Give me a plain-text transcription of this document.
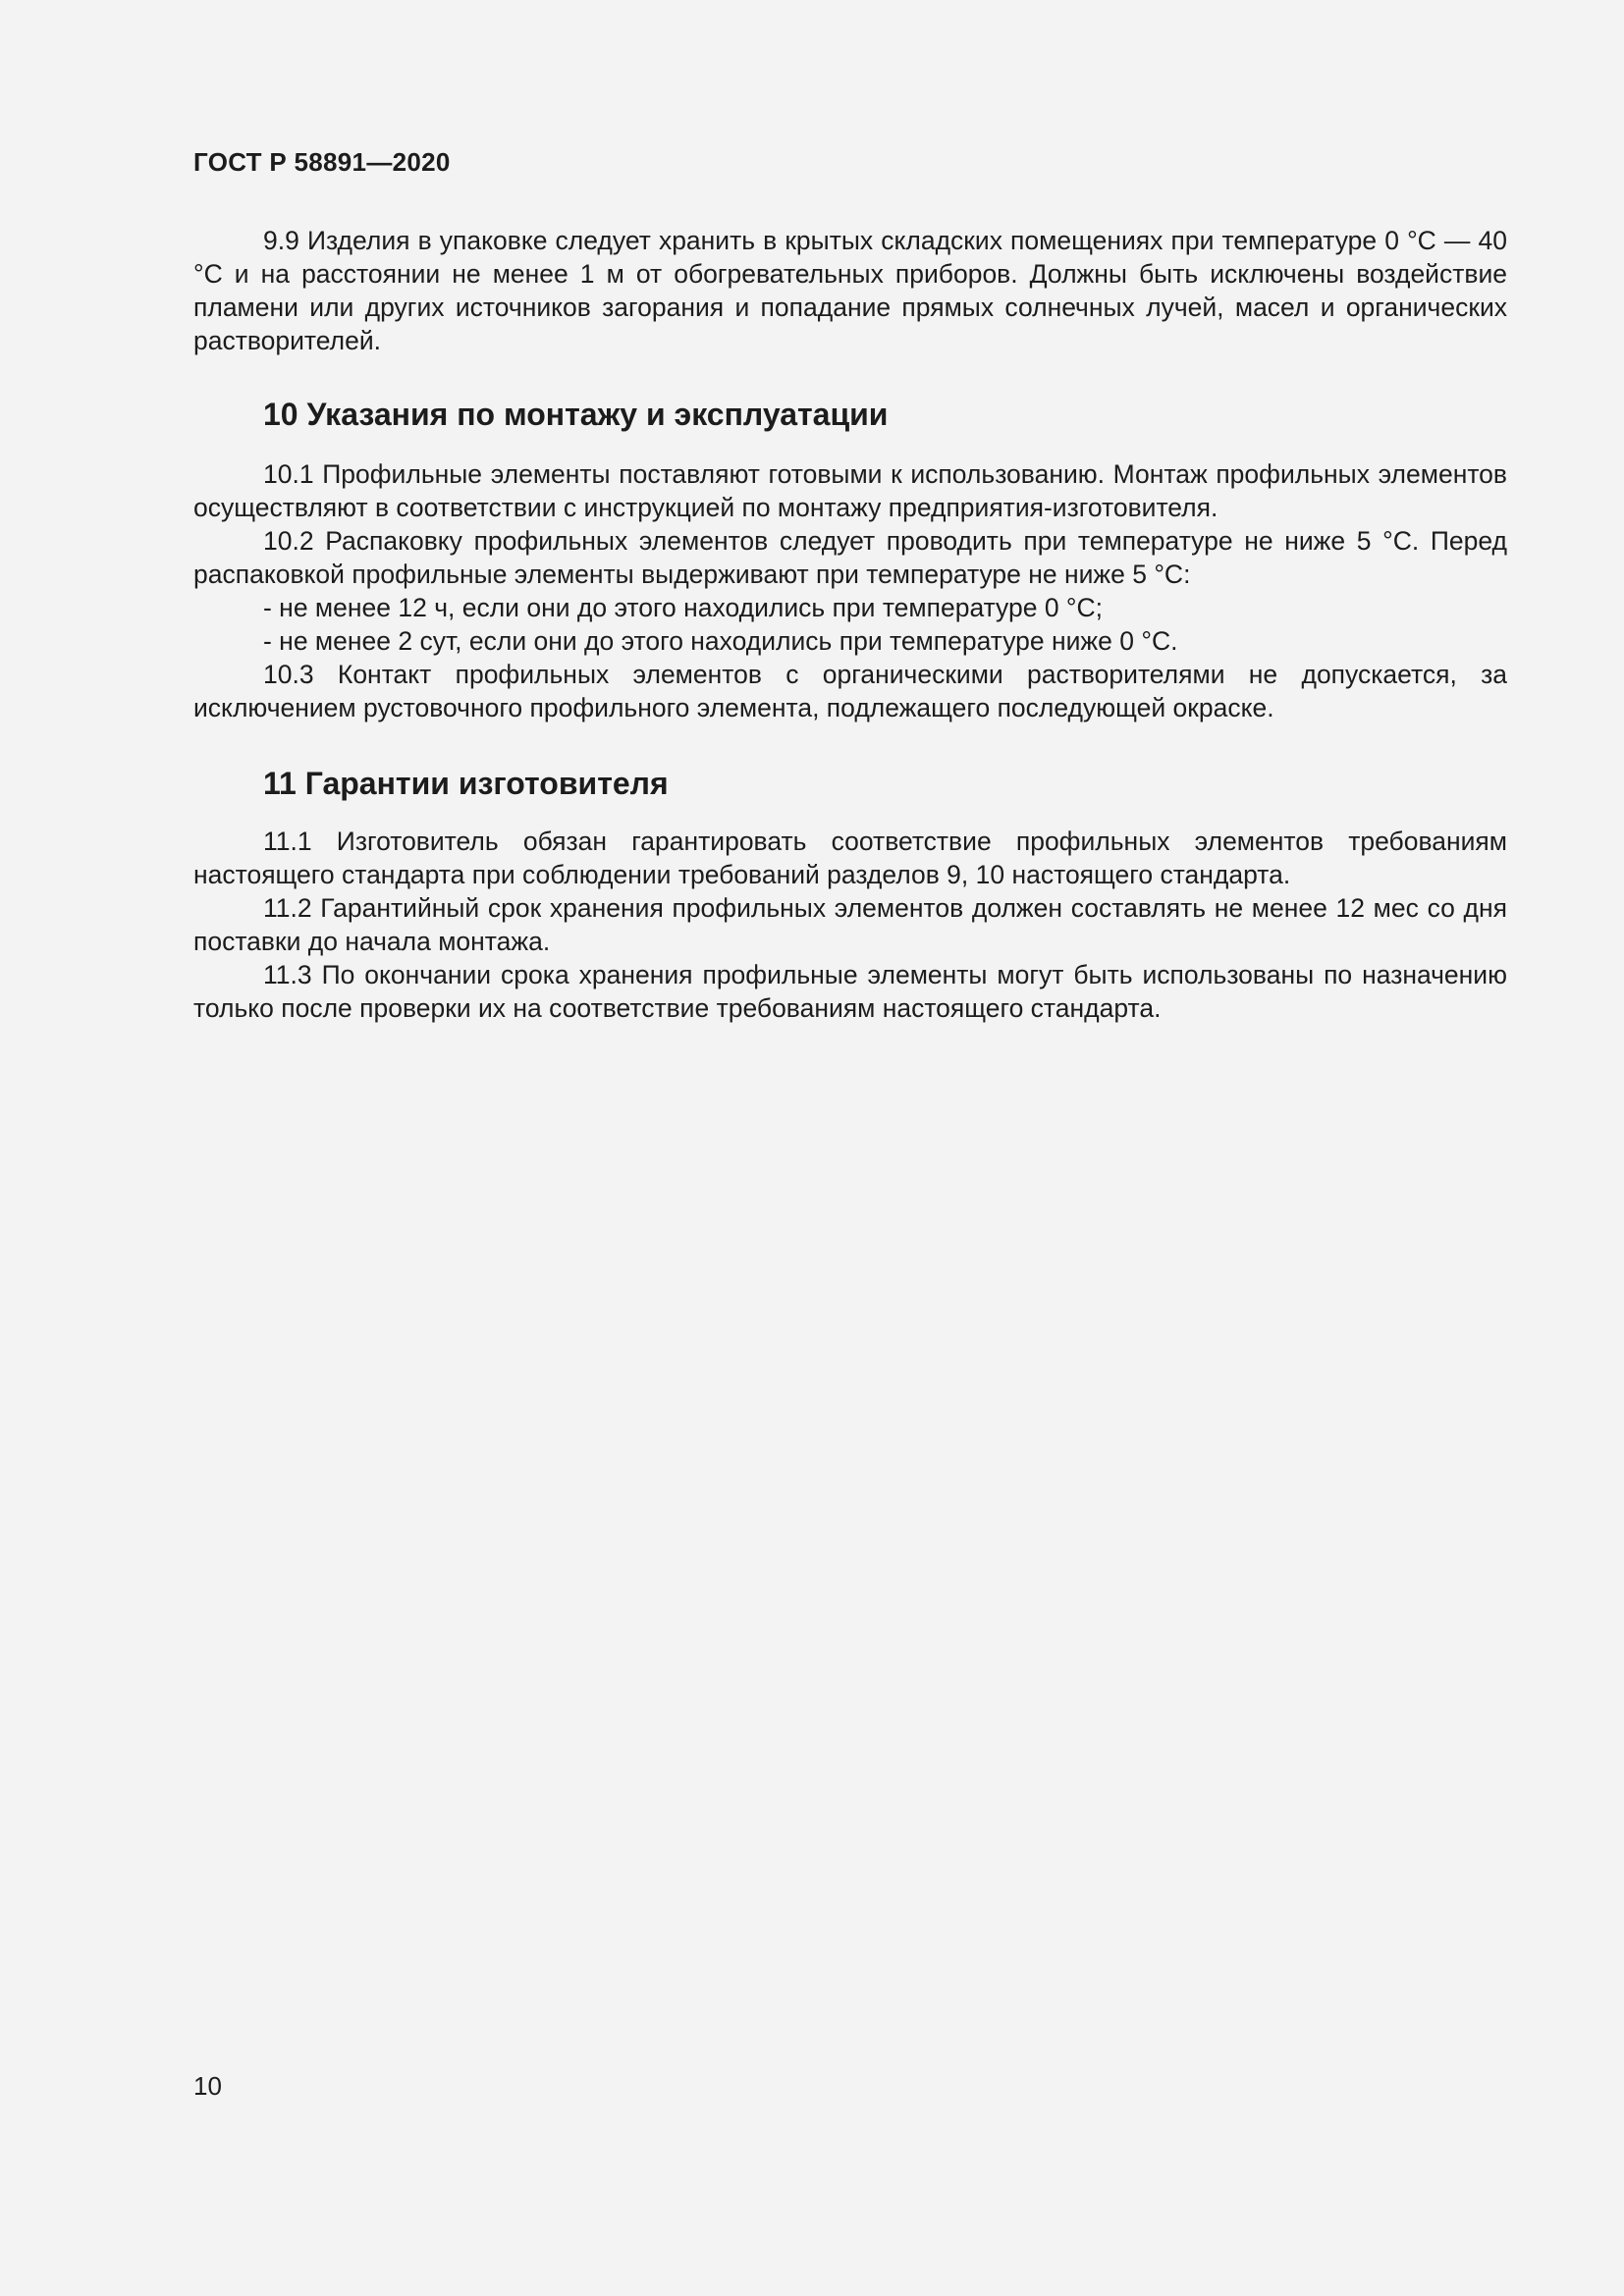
ГОСТ Р 58891—2020

9.9 Изделия в упаковке следует хранить в крытых складских помещениях при температуре 0 °С — 40 °С и на расстоянии не менее 1 м от обогревательных приборов. Должны быть исключены воздействие пламени или других источников загорания и попадание прямых солнечных лучей, масел и органических растворителей.

10 Указания по монтажу и эксплуатации

10.1 Профильные элементы поставляют готовыми к использованию. Монтаж профильных элементов осуществляют в соответствии с инструкцией по монтажу предприятия-изготовителя.

10.2 Распаковку профильных элементов следует проводить при температуре не ниже 5 °С. Перед распаковкой профильные элементы выдерживают при температуре не ниже 5 °С:

- не менее 12 ч, если они до этого находились при температуре 0 °С;

- не менее 2 сут, если они до этого находились при температуре ниже 0 °С.

10.3 Контакт профильных элементов с органическими растворителями не допускается, за исключением рустовочного профильного элемента, подлежащего последующей окраске.

11 Гарантии изготовителя

11.1 Изготовитель обязан гарантировать соответствие профильных элементов требованиям настоящего стандарта при соблюдении требований разделов 9, 10 настоящего стандарта.

11.2 Гарантийный срок хранения профильных элементов должен составлять не менее 12 мес со дня поставки до начала монтажа.

11.3 По окончании срока хранения профильные элементы могут быть использованы по назначению только после проверки их на соответствие требованиям настоящего стандарта.

10
